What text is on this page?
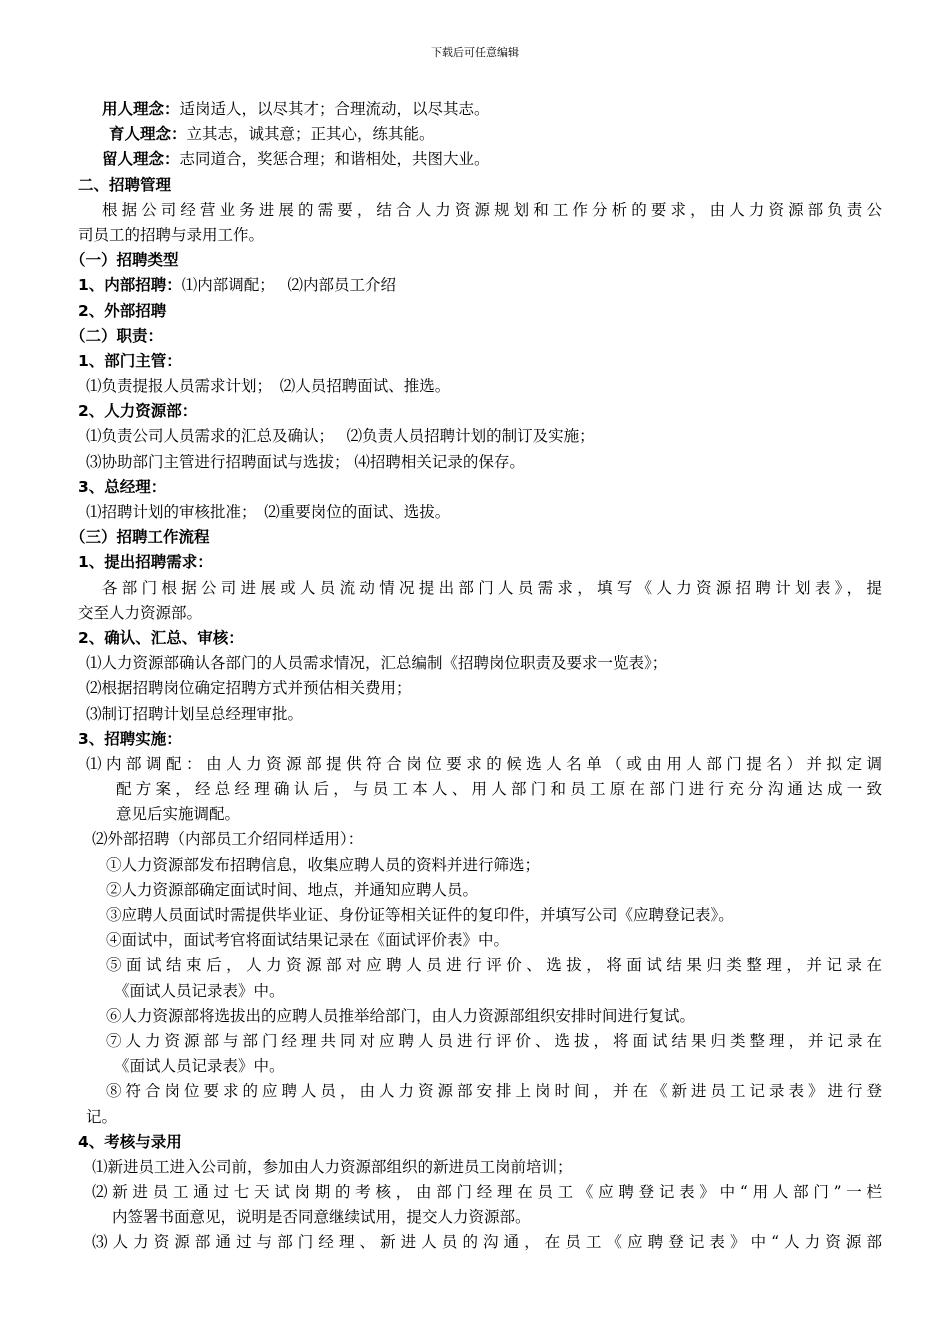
下载后可任意编辑
用人理念：适岗适人，以尽其才；合理流动，以尽其志。
育人理念：立其志，诚其意；正其心，练其能。
留人理念：志同道合，奖惩合理；和谐相处，共图大业。
二、招聘管理
根据公司经营业务进展的需要，结合人力资源规划和工作分析的要求，由人力资源部负责公
司员工的招聘与录用工作。
（一）招聘类型
1、内部招聘：⑴内部调配；　 ⑵内部员工介绍
2、外部招聘
（二）职责：
1、部门主管：
⑴负责提报人员需求计划；　⑵人员招聘面试、推选。
2、人力资源部：
⑴负责公司人员需求的汇总及确认；　 ⑵负责人员招聘计划的制订及实施；
⑶协助部门主管进行招聘面试与选拔； ⑷招聘相关记录的保存。
3、总经理：
⑴招聘计划的审核批准；　⑵重要岗位的面试、选拔。
（三）招聘工作流程
1、提出招聘需求：
各部门根据公司进展或人员流动情况提出部门人员需求，填写《人力资源招聘计划表》，提
交至人力资源部。
2、确认、汇总、审核：
⑴人力资源部确认各部门的人员需求情况，汇总编制《招聘岗位职责及要求一览表》；
⑵根据招聘岗位确定招聘方式并预估相关费用；
⑶制订招聘计划呈总经理审批。
3、招聘实施：
⑴内部调配：由人力资源部提供符合岗位要求的候选人名单（或由用人部门提名）并拟定调
配方案，经总经理确认后，与员工本人、用人部门和员工原在部门进行充分沟通达成一致
意见后实施调配。
⑵外部招聘（内部员工介绍同样适用）：
①人力资源部发布招聘信息，收集应聘人员的资料并进行筛选；
②人力资源部确定面试时间、地点，并通知应聘人员。
③应聘人员面试时需提供毕业证、身份证等相关证件的复印件，并填写公司《应聘登记表》。
④面试中，面试考官将面试结果记录在《面试评价表》中。
⑤面试结束后，人力资源部对应聘人员进行评价、选拔，将面试结果归类整理，并记录在
《面试人员记录表》中。
⑥人力资源部将选拔出的应聘人员推举给部门，由人力资源部组织安排时间进行复试。
⑦人力资源部与部门经理共同对应聘人员进行评价、选拔，将面试结果归类整理，并记录在
《面试人员记录表》中。
⑧符合岗位要求的应聘人员，由人力资源部安排上岗时间，并在《新进员工记录表》进行登
记。
4、考核与录用
⑴新进员工进入公司前，参加由人力资源部组织的新进员工岗前培训；
⑵新进员工通过七天试岗期的考核，由部门经理在员工《应聘登记表》中“用人部门”一栏
内签署书面意见，说明是否同意继续试用，提交人力资源部。
⑶人力资源部通过与部门经理、新进人员的沟通，在员工《应聘登记表》中“人力资源部
